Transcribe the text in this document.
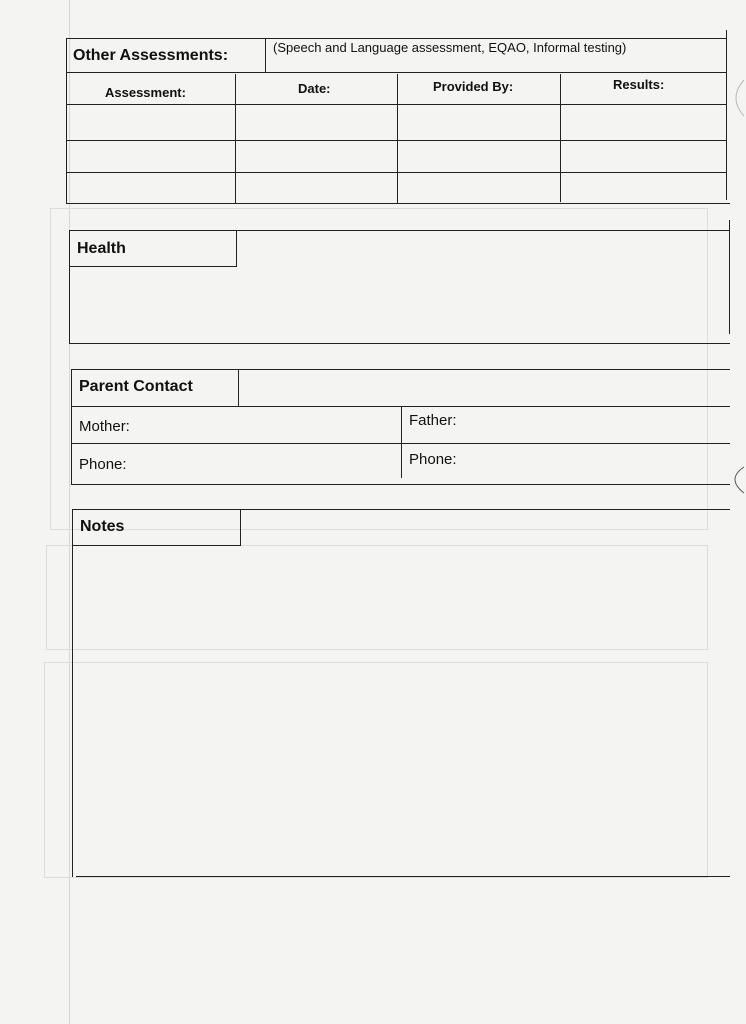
Other Assessments:	(Speech and Language assessment, EQAO, Informal testing)
Assessment:	Date:	Provided By:	Results:
Health
Parent Contact
Mother:	Father:
Phone:	Phone:
Notes
